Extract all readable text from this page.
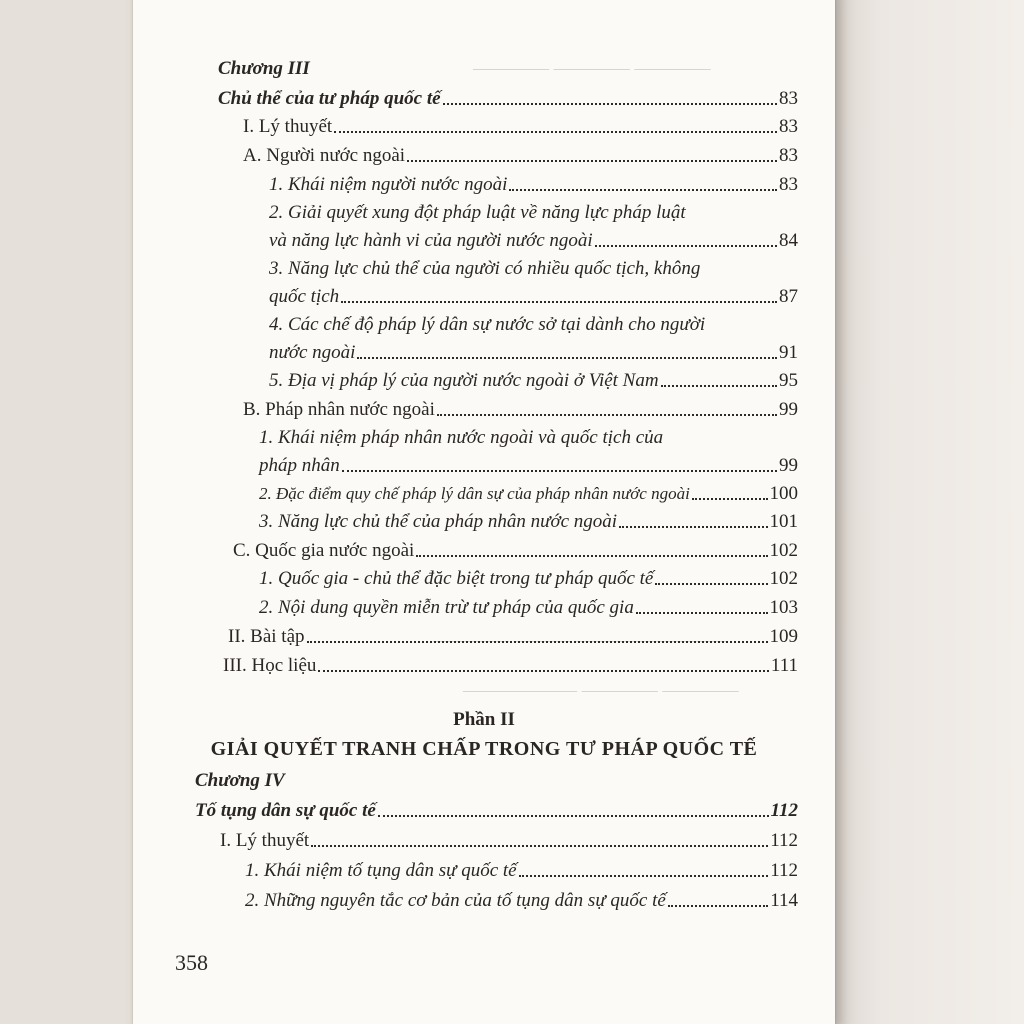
———— ———— ————
———————— ——— ————
———— ———— ——————
Chương III
Chủ thể của tư pháp quốc tế	83
I. Lý thuyết	83
A. Người nước ngoài	83
1. Khái niệm người nước ngoài	83
2. Giải quyết xung đột pháp luật về năng lực pháp luật
và năng lực hành vi của người nước ngoài	84
3. Năng lực chủ thể của người có nhiều quốc tịch, không
quốc tịch	87
4. Các chế độ pháp lý dân sự nước sở tại dành cho người
nước ngoài	91
5. Địa vị pháp lý của người nước ngoài ở Việt Nam	95
B. Pháp nhân nước ngoài	99
1. Khái niệm pháp nhân nước ngoài và quốc tịch của
pháp nhân	99
2. Đặc điểm quy chế pháp lý dân sự của pháp nhân nước ngoài	100
3. Năng lực chủ thể của pháp nhân nước ngoài	101
C. Quốc gia nước ngoài	102
1. Quốc gia - chủ thể đặc biệt trong tư pháp quốc tế	102
2. Nội dung quyền miễn trừ tư pháp của quốc gia	103
II. Bài tập	109
III. Học liệu	111
Phần II
GIẢI QUYẾT TRANH CHẤP TRONG TƯ PHÁP QUỐC TẾ
Chương IV
Tố tụng dân sự quốc tế	112
I. Lý thuyết	112
1. Khái niệm tố tụng dân sự quốc tế	112
2. Những nguyên tắc cơ bản của tố tụng dân sự quốc tế	114
358
